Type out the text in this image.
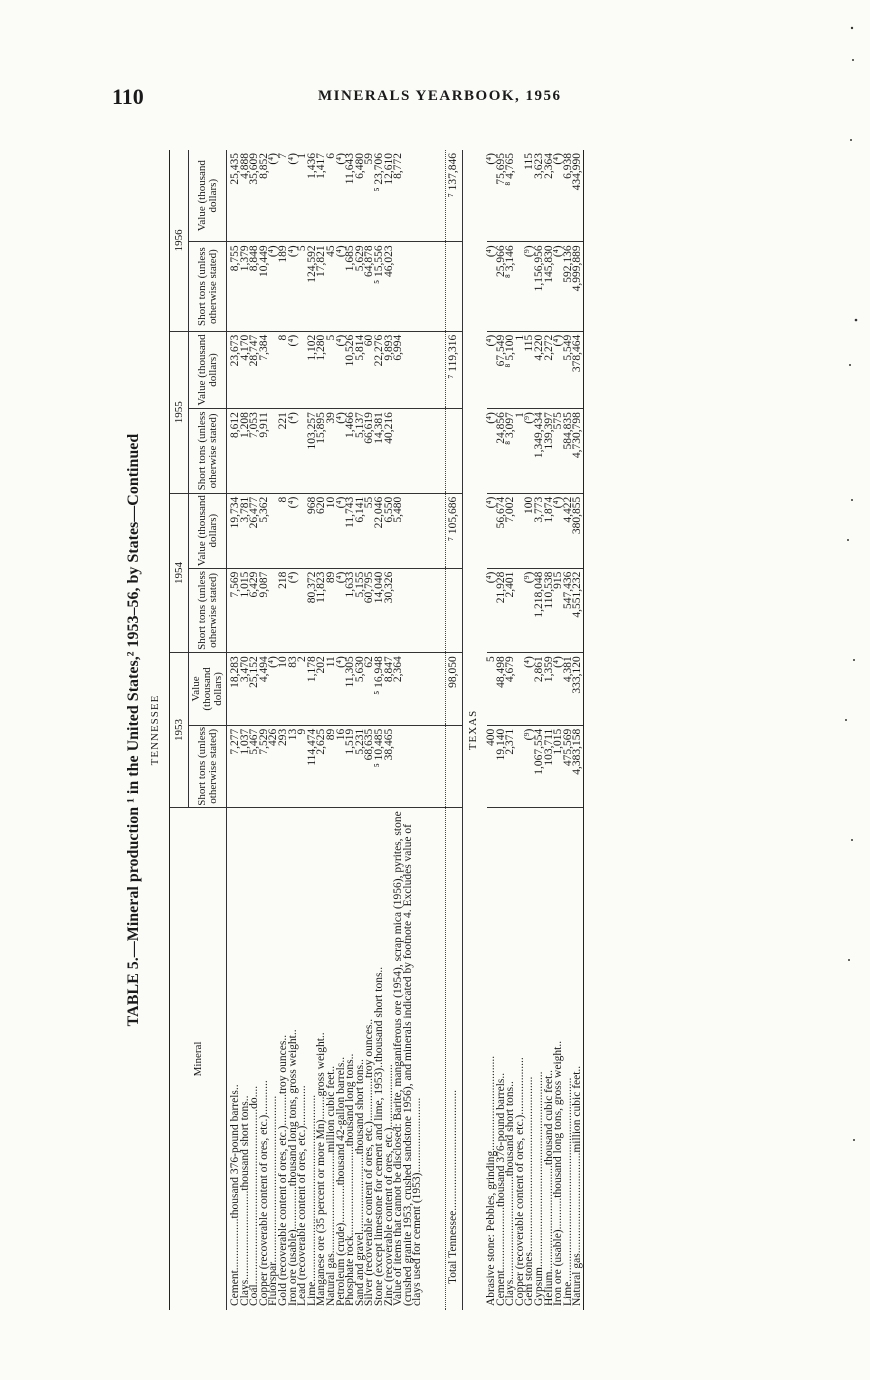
110	MINERALS YEARBOOK, 1956
TABLE 5.—Mineral production ¹ in the United States,² 1953–56, by States—Continued TENNESSEE
Mineral	1953		1954		1955		1956	
	Short tons (unless otherwise stated)	Value (thousand dollars)	Short tons (unless otherwise stated)	Value (thousand dollars)	Short tons (unless otherwise stated)	Value (thousand dollars)	Short tons (unless otherwise stated)	Value (thousand dollars)
Cement..................thousand 376-pound barrels..	7,277	18,283	7,569	19,734	8,612	23,673	8,755	25,435
Clays...............................thousand short tons..	1,037	3,470	1,015	3,781	1,208	4,170	1,379	4,888
Coal.............................................................do....	5,467	25,152	6,429	26,477	7,053	28,747	8,848	35,609
Copper (recoverable content of ores, etc.)............	7,529	4,494	9,087	5,362	9,911	7,384	10,449	8,852
Fluorspar..........................................................	426	(⁴)					(⁴)	(⁴)
Gold (recoverable content of ores, etc.)...........troy ounces..	293	10	218	8	221	8	189	7
Iron ore (usable)...............thousand long tons, gross weight..	13	83	(⁴)	(⁴)	(⁴)	(⁴)	(⁴)	(⁴)
Lead (recoverable content of ores, etc.)..............	9	2					5	1
Lime.................................................................	114,474	1,178	80,372	968	103,257	1,102	124,592	1,436
Manganese ore (35 percent or more Mn)........gross weight..	2,625	202	11,823	620	15,895	1,280	17,821	1,417
Natural gas...................................million cubic feet..	89	11	89	10	39	5	45	6
Petroleum (crude).............thousand 42-gallon barrels..	16	(⁴)	(⁴)	(⁴)	(⁴)	(⁴)	(⁴)	(⁴)
Phosphate rock...............................thousand long tons..	1,519	11,305	1,633	11,743	1,466	10,526	1,685	11,643
Sand and gravel...........................thousand short tons..	5,231	5,630	5,155	6,141	5,137	5,814	5,629	6,480
Silver (recoverable content of ores, etc.)...............troy ounces..	68,635	62	60,795	55	66,619	60	64,878	59
Stone (except limestone for cement and lime, 1953)..thousand short tons..	⁵ 10,485	⁵ 16,948	14,040	22,046	14,381	22,276	⁵ 15,556	⁵ 23,706
Zinc (recoverable content of ores, etc.)......................	38,465	8,847	30,326	6,550	40,216	9,893	46,023	12,610
Value of items that cannot be disclosed: Barite, manganiferous ore (1954), scrap mica (1956), pyrites, stone (crushed granite 1953, crushed sandstone 1956), and minerals indicated by footnote 4. Excludes value of clays used for cement (1953)..........................		2,364		5,480		6,994		8,772

Total Tennessee..........................................		98,050		⁷ 105,686		⁷ 119,316		⁷ 137,846
TEXAS								
Abrasive stone: Pebbles, grinding.................................	400	5	(⁴)	(⁴)	(⁴)	(⁴)	(⁴)	(⁴)
Cement......................thousand 376-pound barrels..	19,140	48,498	21,928	56,674	24,856	67,549	25,966	75,695
Clays....................................thousand short tons..	2,371	4,679	2,401	7,002	⁸ 3,097	⁸ 5,100	⁸ 3,146	⁸ 4,765
Copper (recoverable content of ores, etc.)....................					1	1		
Gem stones.............................................................	(⁹)	(⁴)	(⁹)	100	(⁹)	115	(⁹)	115
Gypsum....................................................................	1,067,554	2,861	1,218,048	3,773	1,349,434	4,220	1,156,956	3,623
Helium.....................................thousand cubic feet..	103,711	1,359	110,538	1,874	139,397	2,272	145,830	2,364
Iron ore (usable)...........thousand long tons, gross weight..	1,015	(⁴)	915	(⁴)	575	(⁴)	(⁴)	(⁴)
Lime.......................................................................	475,569	4,381	547,436	4,422	584,835	5,549	592,136	6,938
Natural gas...................................million cubic feet..	4,383,158	333,120	4,551,232	380,855	4,730,798	378,464	4,999,889	434,990
